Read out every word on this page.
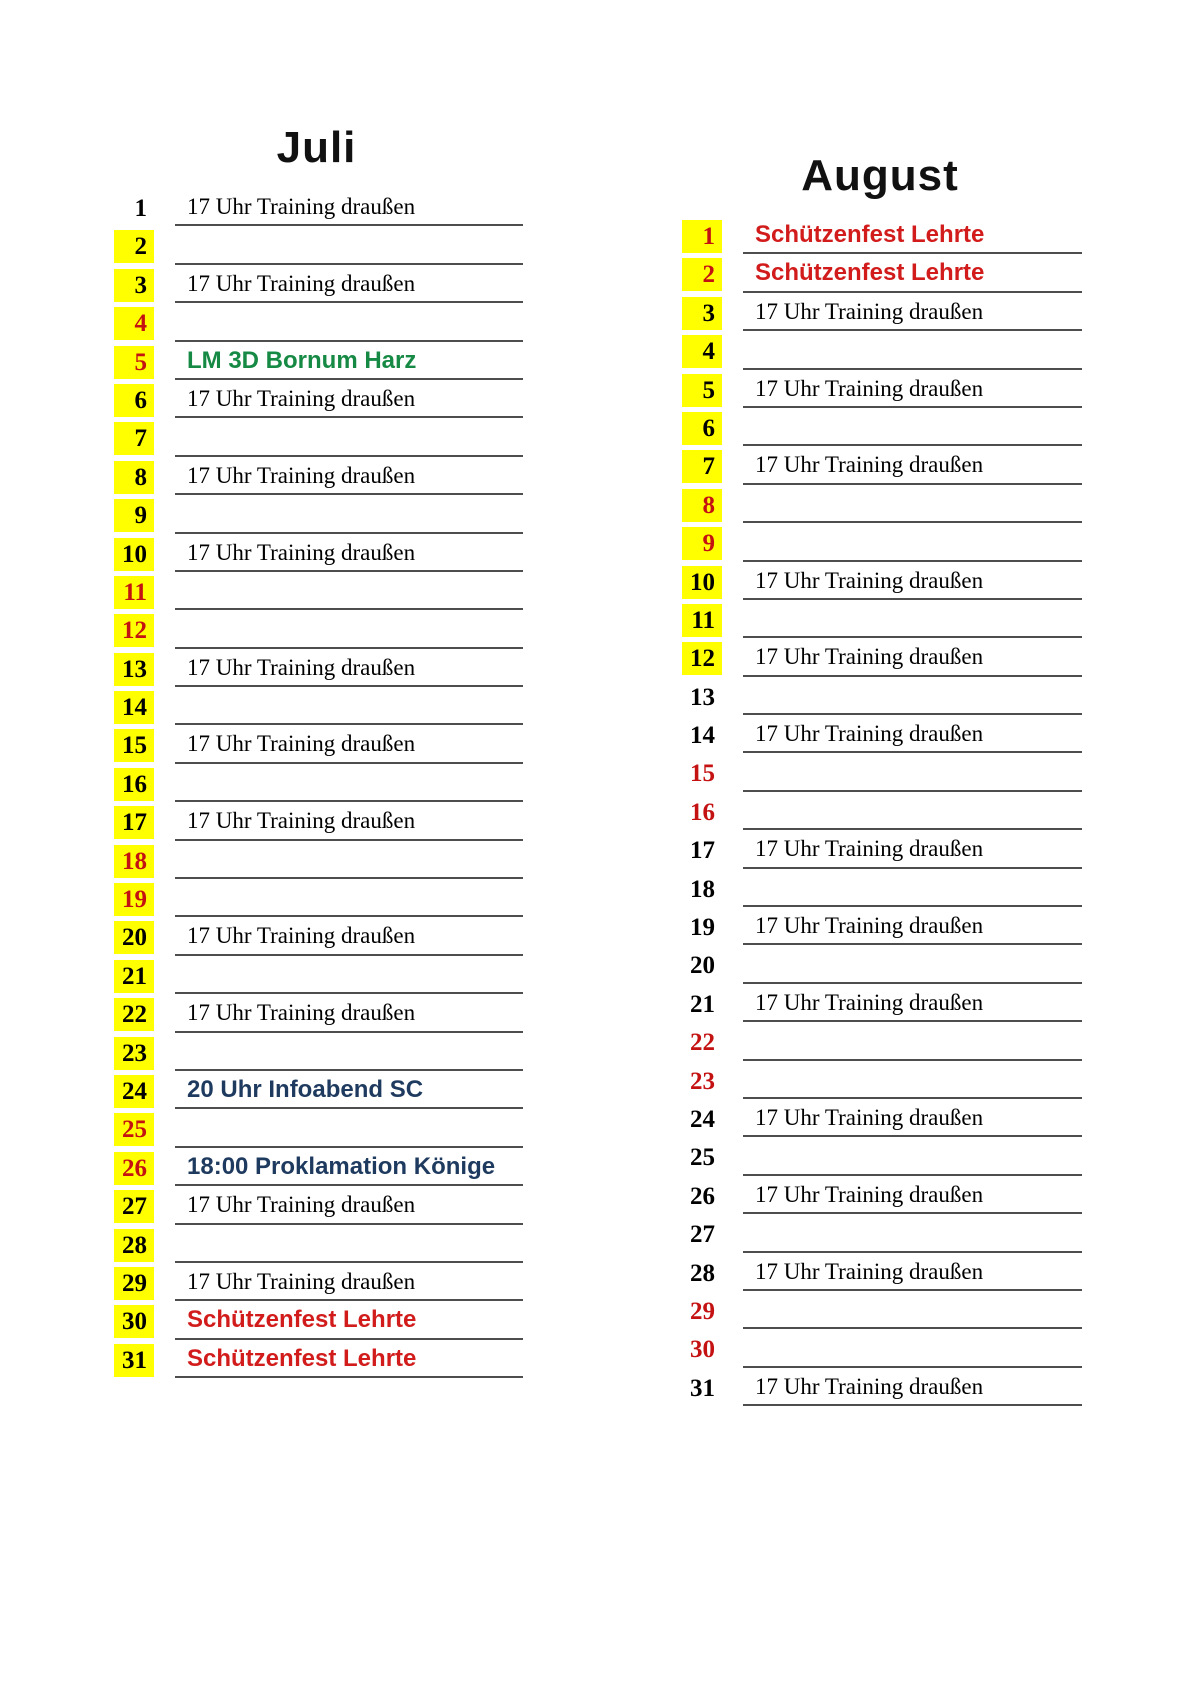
Juli
1	17 Uhr Training draußen
2
3	17 Uhr Training draußen
4
5	LM 3D Bornum Harz
6	17 Uhr Training draußen
7
8	17 Uhr Training draußen
9
10	17 Uhr Training draußen
11
12
13	17 Uhr Training draußen
14
15	17 Uhr Training draußen
16
17	17 Uhr Training draußen
18
19
20	17 Uhr Training draußen
21
22	17 Uhr Training draußen
23
24	20 Uhr Infoabend SC
25
26	18:00 Proklamation Könige
27	17 Uhr Training draußen
28
29	17 Uhr Training draußen
30	Schützenfest Lehrte
31	Schützenfest Lehrte
August
1	Schützenfest Lehrte
2	Schützenfest Lehrte
3	17 Uhr Training draußen
4
5	17 Uhr Training draußen
6
7	17 Uhr Training draußen
8
9
10	17 Uhr Training draußen
11
12	17 Uhr Training draußen
13
14	17 Uhr Training draußen
15
16
17	17 Uhr Training draußen
18
19	17 Uhr Training draußen
20
21	17 Uhr Training draußen
22
23
24	17 Uhr Training draußen
25
26	17 Uhr Training draußen
27
28	17 Uhr Training draußen
29
30
31	17 Uhr Training draußen
